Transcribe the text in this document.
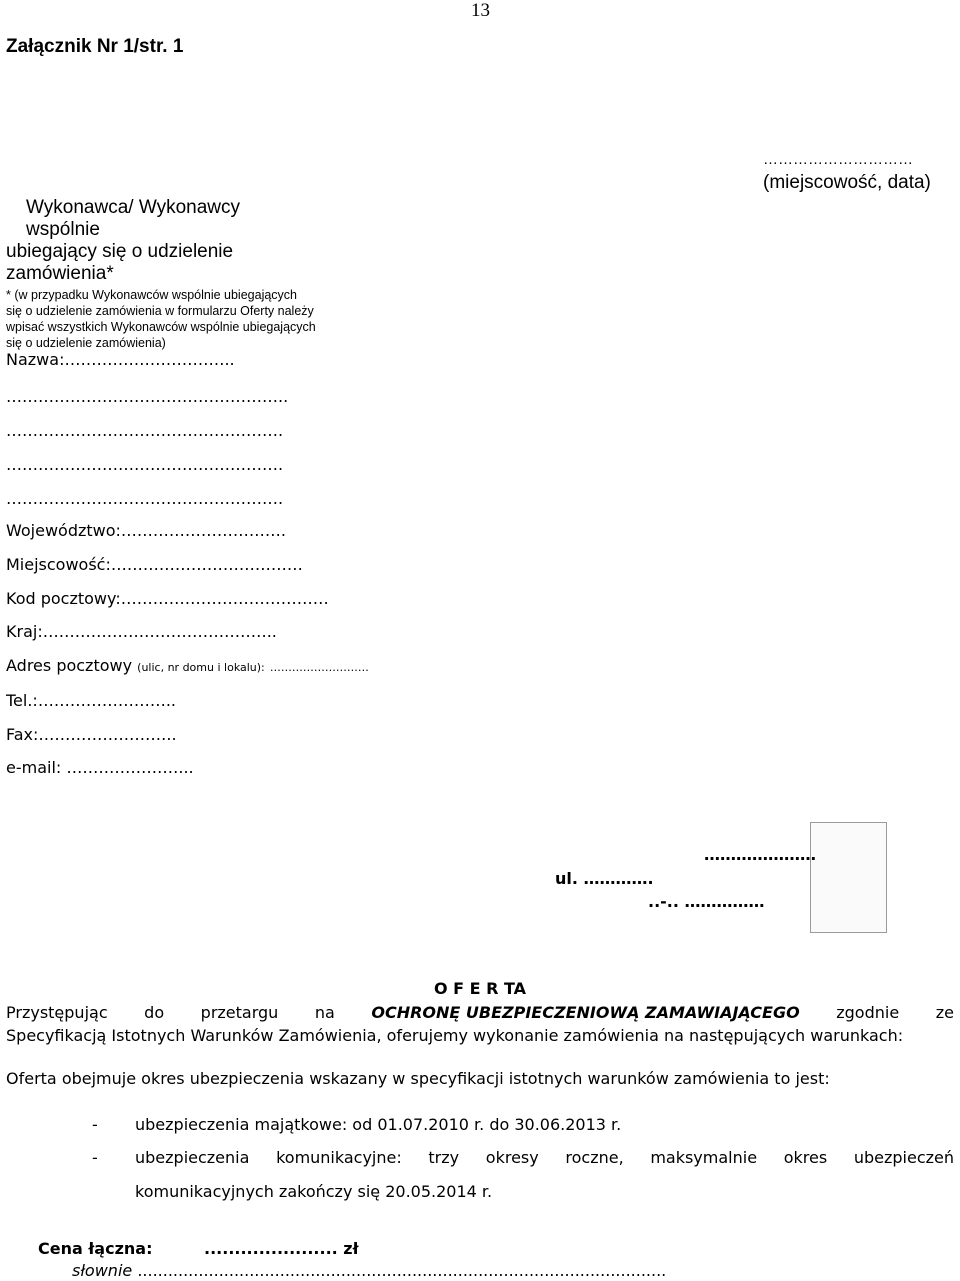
13
Załącznik Nr 1/str. 1
…………………………
(miejscowość, data)
Wykonawca/ Wykonawcy wspólnie
ubiegający się o udzielenie
zamówienia*
* (w przypadku Wykonawców wspólnie ubiegających się o udzielenie zamówienia w formularzu Oferty należy wpisać wszystkich Wykonawców wspólnie ubiegających się o udzielenie zamówienia)
Nazwa:…………………………..
……………………………………………..
…………………………………………….
…………………………………………….
…………………………………………….
Województwo:………………………….
Miejscowość:………………………………
Kod pocztowy:…………………………………
Kraj:……………………………………..
Adres pocztowy (ulic, nr domu i lokalu): ………………………
Tel.:……………………..
Fax:……………………..
e-mail: …………………...
…………………
ul. ………….
..-.. ……………
O F E R TA
Przystępując do przetargu na OCHRONĘ UBEZPIECZENIOWĄ ZAMAWIAJĄCEGO zgodnie ze
Specyfikacją Istotnych Warunków Zamówienia, oferujemy wykonanie zamówienia na następujących warunkach:
Oferta obejmuje okres ubezpieczenia wskazany w specyfikacji istotnych warunków zamówienia to jest:
- ubezpieczenia majątkowe: od 01.07.2010 r. do 30.06.2013 r.
- ubezpieczenia komunikacyjne: trzy okresy roczne, maksymalnie okres ubezpieczeń
komunikacyjnych zakończy się 20.05.2014 r.
Cena łączna:	...................... zł
słownie ........................................................................................................
